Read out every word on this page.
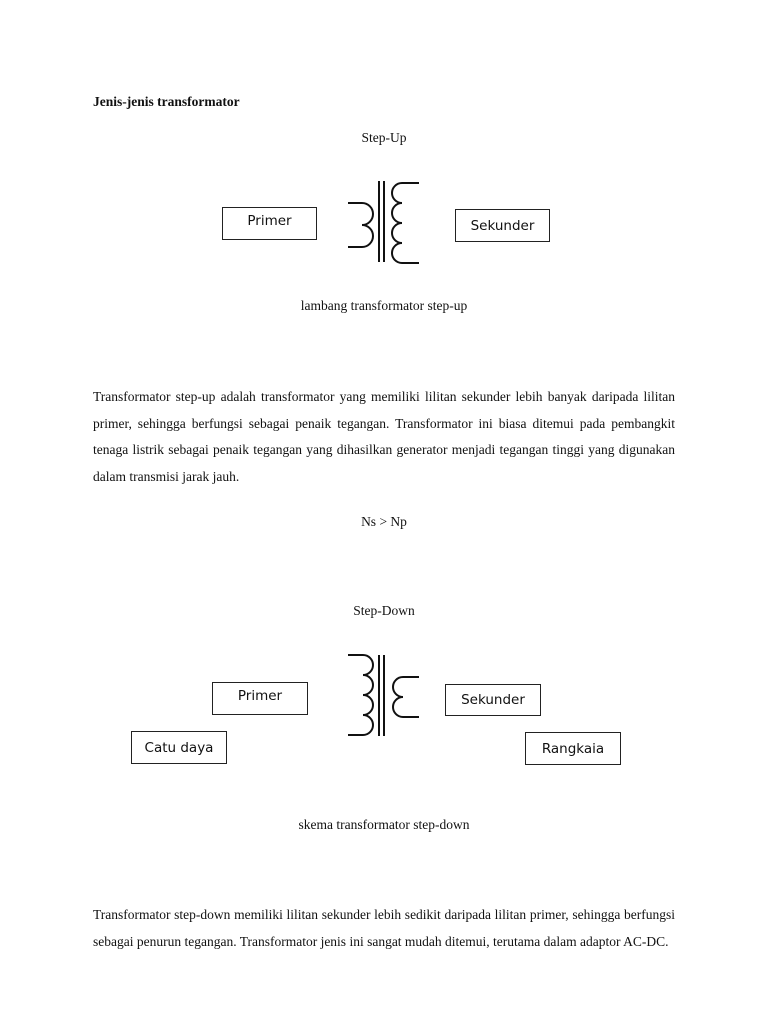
Jenis-jenis transformator
Step-Up
Primer	Sekunder
lambang transformator step-up
Transformator step-up adalah transformator yang memiliki lilitan sekunder lebih banyak daripada lilitan primer, sehingga berfungsi sebagai penaik tegangan. Transformator ini biasa ditemui pada pembangkit tenaga listrik sebagai penaik tegangan yang dihasilkan generator menjadi tegangan tinggi yang digunakan dalam transmisi jarak jauh.
Ns > Np
Step-Down
Primer	Sekunder
Catu daya	Rangkaia
skema transformator step-down
Transformator step-down memiliki lilitan sekunder lebih sedikit daripada lilitan primer, sehingga berfungsi sebagai penurun tegangan. Transformator jenis ini sangat mudah ditemui, terutama dalam adaptor AC-DC.
